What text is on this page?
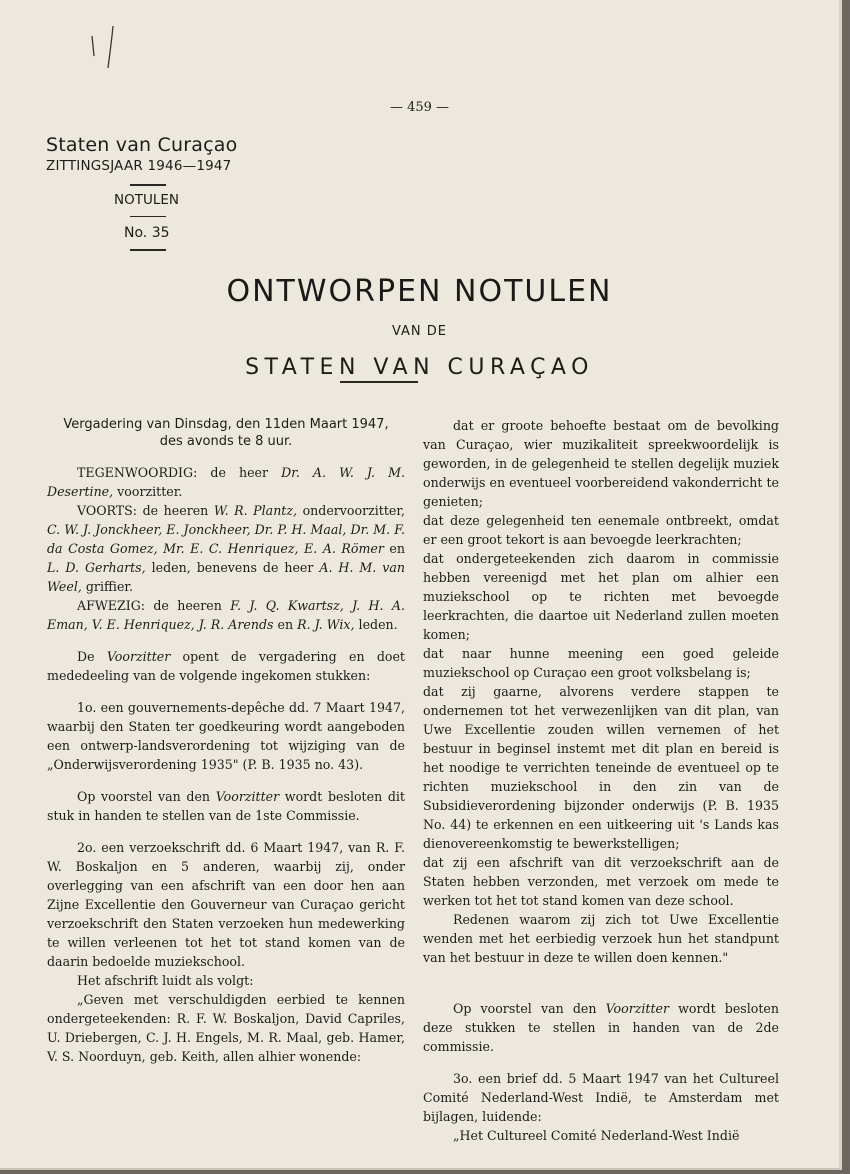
— 459 —
Staten van Curaçao
ZITTINGSJAAR 1946—1947
NOTULEN
No. 35
ONTWORPEN NOTULEN
VAN DE
STATEN VAN CURAÇAO

Vergadering van Dinsdag, den 11den Maart 1947,
des avonds te 8 uur.

TEGENWOORDIG: de heer Dr. A. W. J. M. Desertine, voorzitter.

VOORTS: de heeren W. R. Plantz, ondervoorzitter, C. W. J. Jonckheer, E. Jonckheer, Dr. P. H. Maal, Dr. M. F. da Costa Gomez, Mr. E. C. Henriquez, E. A. Römer en L. D. Gerharts, leden, benevens de heer A. H. M. van Weel, griffier.

AFWEZIG: de heeren F. J. Q. Kwartsz, J. H. A. Eman, V. E. Henriquez, J. R. Arends en R. J. Wix, leden.

De Voorzitter opent de vergadering en doet mededeeling van de volgende ingekomen stukken:

1o. een gouvernements-depêche dd. 7 Maart 1947, waarbij den Staten ter goedkeuring wordt aangeboden een ontwerp-landsverordening tot wijziging van de „Onderwijsverordening 1935" (P. B. 1935 no. 43).

Op voorstel van den Voorzitter wordt besloten dit stuk in handen te stellen van de 1ste Commissie.

2o. een verzoekschrift dd. 6 Maart 1947, van R. F. W. Boskaljon en 5 anderen, waarbij zij, onder overlegging van een afschrift van een door hen aan Zijne Excellentie den Gouverneur van Curaçao gericht verzoekschrift den Staten verzoeken hun medewerking te willen verleenen tot het tot stand komen van de daarin bedoelde muziekschool.

Het afschrift luidt als volgt:

„Geven met verschuldigden eerbied te kennen ondergeteekenden: R. F. W. Boskaljon, David Capriles, U. Driebergen, C. J. H. Engels, M. R. Maal, geb. Hamer, V. S. Noorduyn, geb. Keith, allen alhier wonende:

dat er groote behoefte bestaat om de bevolking van Curaçao, wier muzikaliteit spreekwoordelijk is geworden, in de gelegenheid te stellen degelijk muziek onderwijs en eventueel voorbereidend vakonderricht te genieten;

dat deze gelegenheid ten eenemale ontbreekt, omdat er een groot tekort is aan bevoegde leerkrachten;

dat ondergeteekenden zich daarom in commissie hebben vereenigd met het plan om alhier een muziekschool op te richten met bevoegde leerkrachten, die daartoe uit Nederland zullen moeten komen;

dat naar hunne meening een goed geleide muziekschool op Curaçao een groot volksbelang is;

dat zij gaarne, alvorens verdere stappen te ondernemen tot het verwezenlijken van dit plan, van Uwe Excellentie zouden willen vernemen of het bestuur in beginsel instemt met dit plan en bereid is het noodige te verrichten teneinde de eventueel op te richten muziekschool in den zin van de Subsidieverordening bijzonder onderwijs (P. B. 1935 No. 44) te erkennen en een uitkeering uit 's Lands kas dienovereenkomstig te bewerkstelligen;

dat zij een afschrift van dit verzoekschrift aan de Staten hebben verzonden, met verzoek om mede te werken tot het tot stand komen van deze school.

Redenen waarom zij zich tot Uwe Excellentie wenden met het eerbiedig verzoek hun het standpunt van het bestuur in deze te willen doen kennen."

Op voorstel van den Voorzitter wordt besloten deze stukken te stellen in handen van de 2de commissie.

3o. een brief dd. 5 Maart 1947 van het Cultureel Comité Nederland-West Indië, te Amsterdam met bijlagen, luidende:

„Het Cultureel Comité Nederland-West Indië
